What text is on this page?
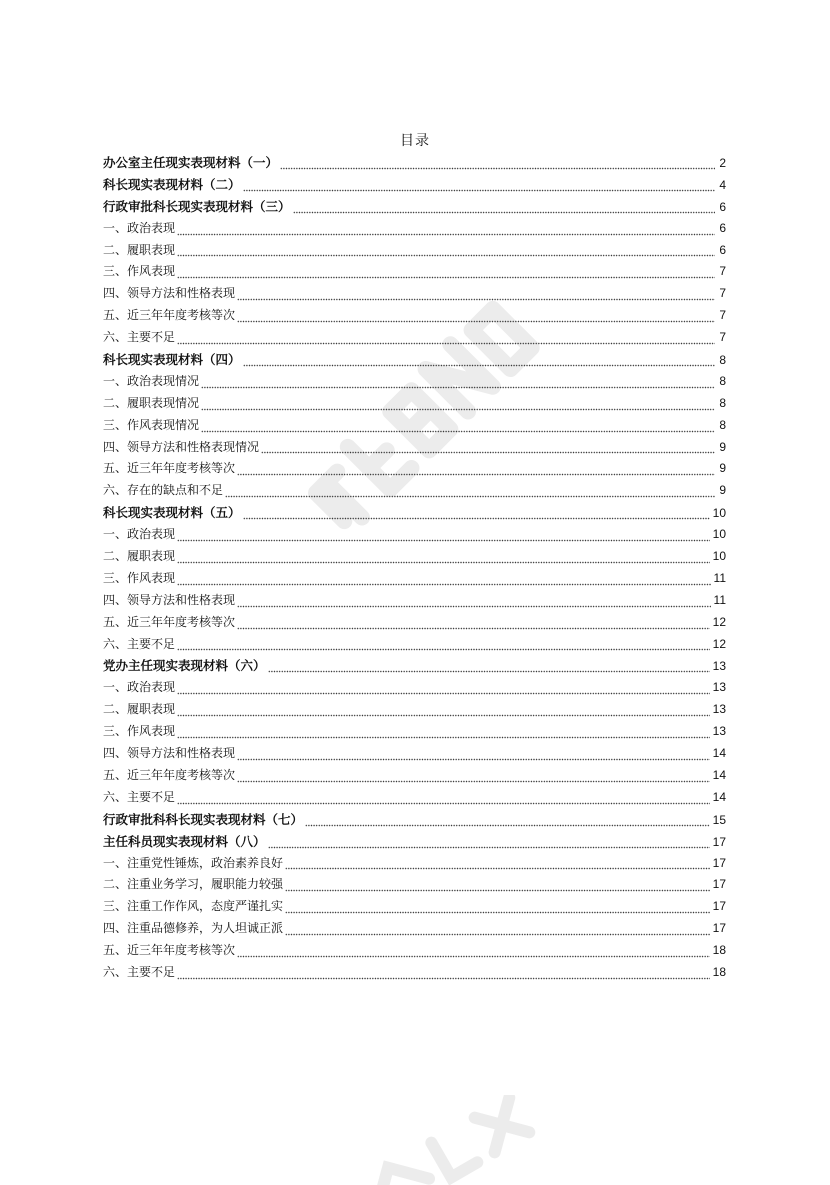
目录
办公室主任现实表现材料（一）	2
科长现实表现材料（二）	4
行政审批科长现实表现材料（三）	6
一、政治表现	6
二、履职表现	6
三、作风表现	7
四、领导方法和性格表现	7
五、近三年年度考核等次	7
六、主要不足	7
科长现实表现材料（四）	8
一、政治表现情况	8
二、履职表现情况	8
三、作风表现情况	8
四、领导方法和性格表现情况	9
五、近三年年度考核等次	9
六、存在的缺点和不足	9
科长现实表现材料（五）	10
一、政治表现	10
二、履职表现	10
三、作风表现	11
四、领导方法和性格表现	11
五、近三年年度考核等次	12
六、主要不足	12
党办主任现实表现材料（六）	13
一、政治表现	13
二、履职表现	13
三、作风表现	13
四、领导方法和性格表现	14
五、近三年年度考核等次	14
六、主要不足	14
行政审批科科长现实表现材料（七）	15
主任科员现实表现材料（八）	17
一、注重党性锤炼，政治素养良好	17
二、注重业务学习，履职能力较强	17
三、注重工作作风，态度严谨扎实	17
四、注重品德修养，为人坦诚正派	17
五、近三年年度考核等次	18
六、主要不足	18
